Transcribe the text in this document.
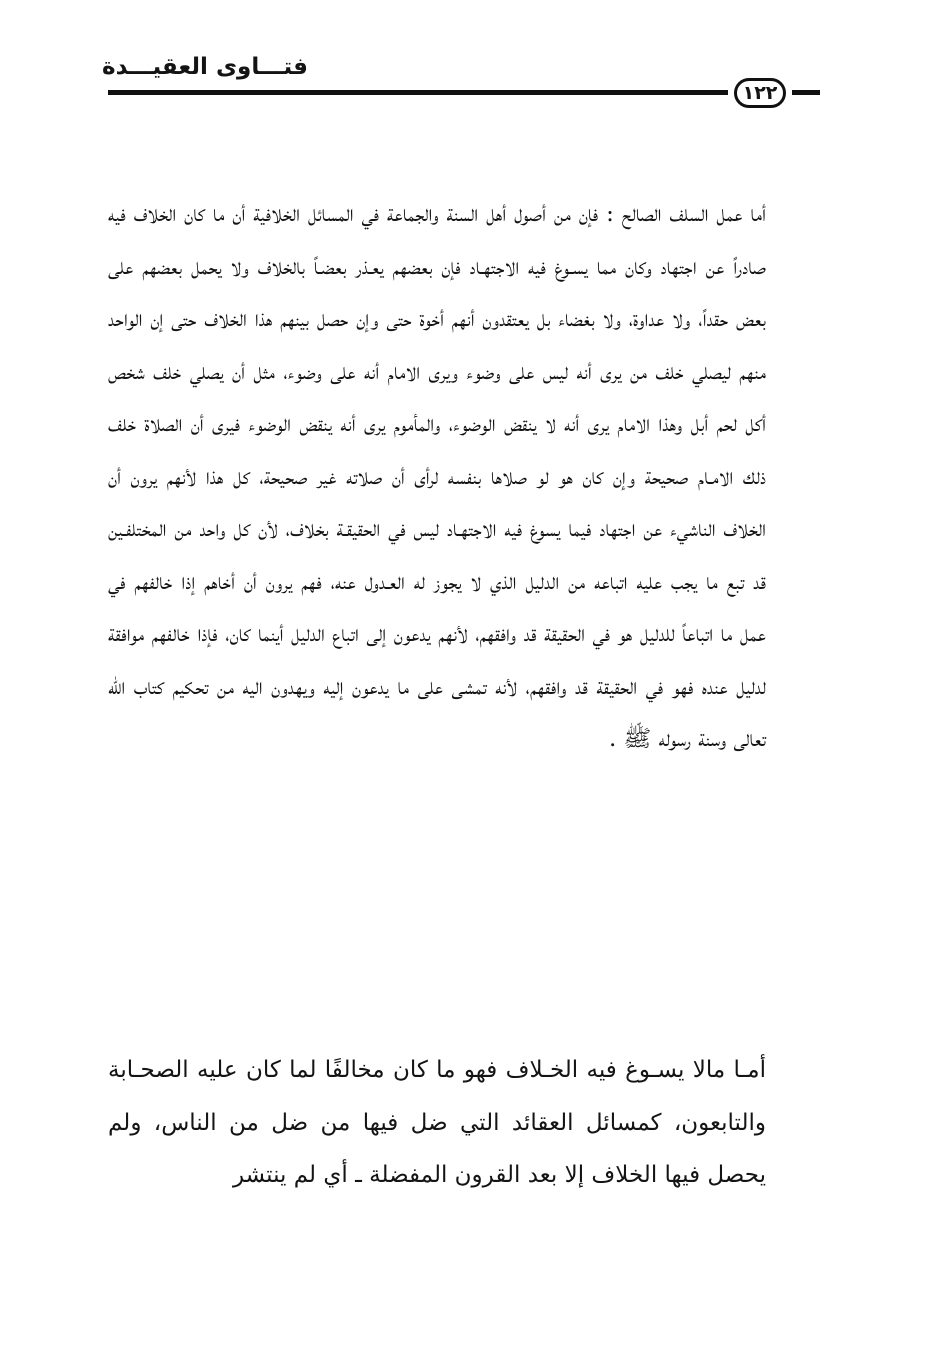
فتـــاوى العقيـــدة
١٢٢

أما عمل السلف الصالح : فإن من أصول أهل السنة والجماعة في المسائل الخلافية أن ما كان الخلاف فيه صادراً عن اجتهاد وكان مما يسـوغ فيه الاجتهـاد فإن بعضهم يعـذر بعضـاً بالخلاف ولا يحمل بعضهم على بعض حقداً، ولا عداوة، ولا بغضاء بل يعتقدون أنهم أخوة حتى وإن حصل بينهم هذا الخلاف حتى إن الواحد منهم ليصلي خلف من يرى أنه ليس على وضوء ويرى الامام أنه على وضوء، مثل أن يصلي خلف شخص أكل لحم أبل وهذا الامام يرى أنه لا ينقض الوضوء، والمأموم يرى أنه ينقض الوضوء فيرى أن الصلاة خلف ذلك الامـام صحيحة وإن كان هو لو صلاها بنفسه لرأى أن صلاته غير صحيحة، كل هذا لأنهم يرون أن الخلاف الناشيء عن اجتهاد فيما يسوغ فيه الاجتهـاد ليس في الحقيقـة بخلاف، لأن كل واحد من المختلفـين قد تبع ما يجب عليه اتباعه من الدليل الذي لا يجوز له العـدول عنه، فهم يرون أن أخاهم إذا خالفهم في عمل ما اتباعاً للدليل هو في الحقيقة قد وافقهم، لأنهم يدعون إلى اتباع الدليل أينما كان، فإذا خالفهم موافقة لدليل عنده فهو في الحقيقة قد وافقهم، لأنه تمشى على ما يدعون إليه ويهدون اليه من تحكيم كتاب الله تعالى وسنة رسوله ﷺ .

أمـا مالا يسـوغ فيه الخـلاف فهو ما كان مخالفًا لما كان عليه الصحـابة والتابعون، كمسائل العقائد التي ضل فيها من ضل من الناس، ولم يحصل فيها الخلاف إلا بعد القرون المفضلة ـ أي لم ينتشر
